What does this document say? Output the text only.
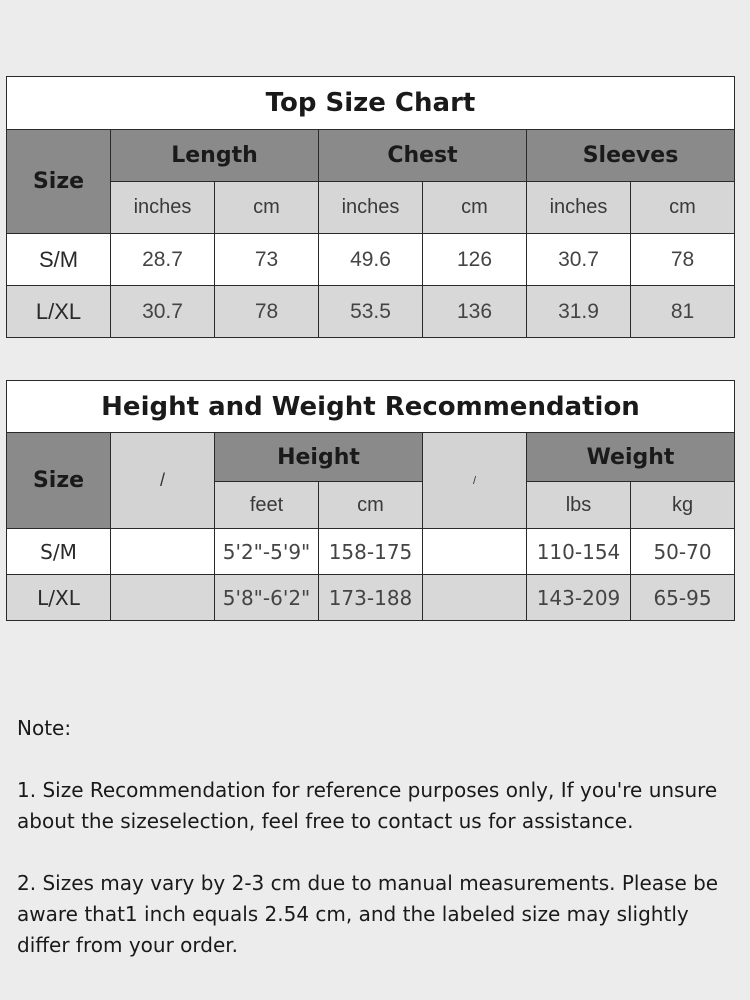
Top Size Chart						
Size	Length		Chest		Sleeves	
	inches	cm	inches	cm	inches	cm
S/M	28.7	73	49.6	126	30.7	78
L/XL	30.7	78	53.5	136	31.9	81
Height and Weight Recommendation						
Size	/	Height		/	Weight	
		feet	cm		lbs	kg
S/M		5'2"-5'9"	158-175		110-154	50-70
L/XL		5'8"-6'2"	173-188		143-209	65-95

Note:

1. Size Recommendation for reference purposes only, If you're unsure about the sizeselection, feel free to contact us for assistance.

2. Sizes may vary by 2-3 cm due to manual measurements. Please be aware that1 inch equals 2.54 cm, and the labeled size may slightly differ from your order.
